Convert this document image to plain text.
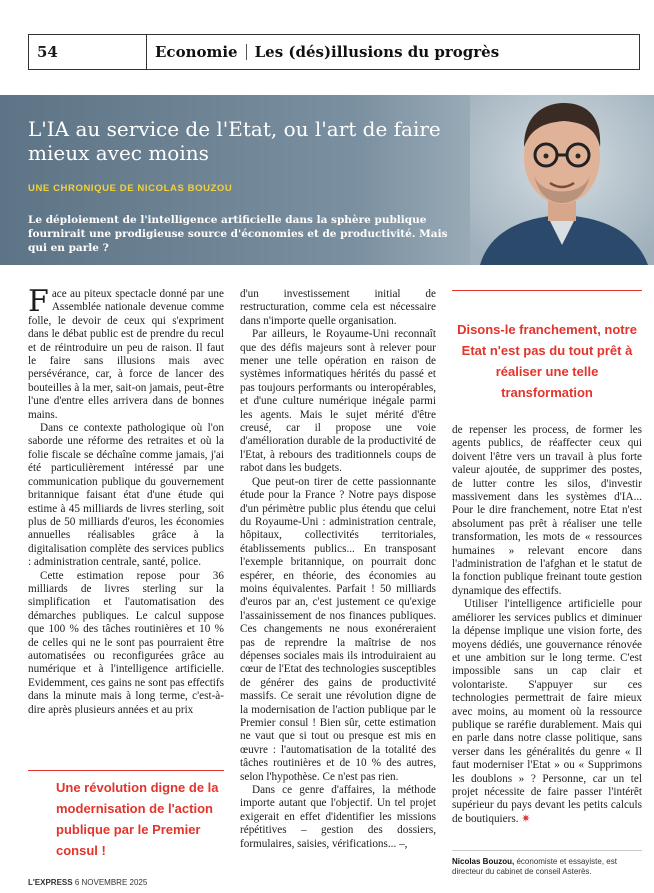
54	Economie Les (dés)illusions du progrès
L'IA au service de l'Etat, ou l'art de faire mieux avec moins
UNE CHRONIQUE DE NICOLAS BOUZOU
Le déploiement de l'intelligence artificielle dans la sphère publique fournirait une prodigieuse source d'économies et de productivité. Mais qui en parle ?

Face au piteux spectacle donné par une Assemblée nationale devenue comme folle, le devoir de ceux qui s'expriment dans le débat public est de prendre du recul et de réintroduire un peu de raison. Il faut le faire sans illusions mais avec persévérance, car, à force de lancer des bouteilles à la mer, sait-on jamais, peut-être l'une d'entre elles arrivera dans de bonnes mains.

Dans ce contexte pathologique où l'on saborde une réforme des retraites et où la folie fiscale se déchaîne comme jamais, j'ai été particulièrement intéressé par une communication publique du gouvernement britannique faisant état d'une étude qui estime à 45 milliards de livres sterling, soit plus de 50 milliards d'euros, les économies annuelles réalisables grâce à la digitalisation complète des services publics : administration centrale, santé, police.

Cette estimation repose pour 36 milliards de livres sterling sur la simplification et l'automatisation des démarches publiques. Le calcul suppose que 100 % des tâches routinières et 10 % de celles qui ne le sont pas pourraient être automatisées ou reconfigurées grâce au numérique et à l'intelligence artificielle. Evidemment, ces gains ne sont pas effectifs dans la minute mais à long terme, c'est-à-dire après plusieurs années et au prix

d'un investissement initial de restructuration, comme cela est nécessaire dans n'importe quelle organisation.

Par ailleurs, le Royaume-Uni reconnaît que des défis majeurs sont à relever pour mener une telle opération en raison de systèmes informatiques hérités du passé et pas toujours performants ou interopérables, et d'une culture numérique inégale parmi les agents. Mais le sujet mérité d'être creusé, car il propose une voie d'amélioration durable de la productivité de l'Etat, à rebours des traditionnels coups de rabot dans les budgets.

Que peut-on tirer de cette passionnante étude pour la France ? Notre pays dispose d'un périmètre public plus étendu que celui du Royaume-Uni : administration centrale, hôpitaux, collectivités territoriales, établissements publics... En transposant l'exemple britannique, on pourrait donc espérer, en théorie, des économies au moins équivalentes. Parfait ! 50 milliards d'euros par an, c'est justement ce qu'exige l'assainissement de nos finances publiques. Ces changements ne nous exonéreraient pas de reprendre la maîtrise de nos dépenses sociales mais ils introduiraient au cœur de l'Etat des technologies susceptibles de générer des gains de productivité massifs. Ce serait une révolution digne de la modernisation de l'action publique par le Premier consul ! Bien sûr, cette estimation ne vaut que si tout ou presque est mis en œuvre : l'automatisation de la totalité des tâches routinières et de 10 % des autres, selon l'hypothèse. Ce n'est pas rien.

Dans ce genre d'affaires, la méthode importe autant que l'objectif. Un tel projet exigerait en effet d'identifier les missions répétitives – gestion des dossiers, formulaires, saisies, vérifications... –,

Disons-le franchement, notre Etat n'est pas du tout prêt à réaliser une telle transformation

de repenser les process, de former les agents publics, de réaffecter ceux qui doivent l'être vers un travail à plus forte valeur ajoutée, de supprimer des postes, de lutter contre les silos, d'investir massivement dans les systèmes d'IA... Pour le dire franchement, notre Etat n'est absolument pas prêt à réaliser une telle transformation, les mots de « ressources humaines » relevant encore dans l'administration de l'afghan et le statut de la fonction publique freinant toute gestion dynamique des effectifs.

Utiliser l'intelligence artificielle pour améliorer les services publics et diminuer la dépense implique une vision forte, des moyens dédiés, une gouvernance rénovée et une ambition sur le long terme. C'est impossible sans un cap clair et volontariste. S'appuyer sur ces technologies permettrait de faire mieux avec moins, au moment où la ressource publique se raréfie durablement. Mais qui en parle dans notre classe politique, sans verser dans les généralités du genre « Il faut moderniser l'Etat » ou « Supprimons les doublons » ? Personne, car un tel projet nécessite de faire passer l'intérêt supérieur du pays devant les petits calculs de boutiquiers. ✷

Une révolution digne de la modernisation de l'action publique par le Premier consul !
Nicolas Bouzou, économiste et essayiste, est directeur du cabinet de conseil Asterès.
L'EXPRESS 6 NOVEMBRE 2025
